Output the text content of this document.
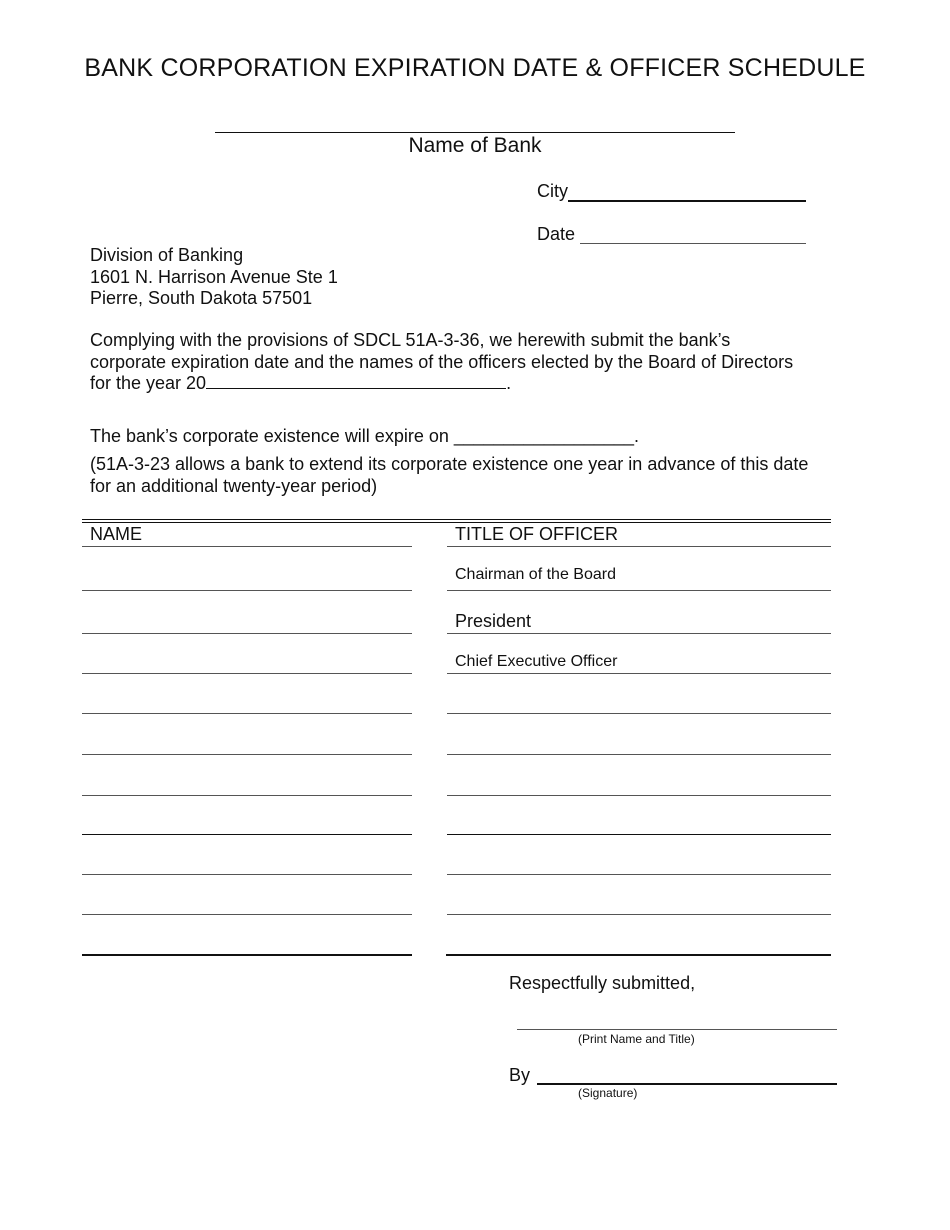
BANK CORPORATION EXPIRATION DATE & OFFICER SCHEDULE
Name of Bank
City
Date
Division of Banking
1601 N. Harrison Avenue Ste 1
Pierre, South Dakota 57501
Complying with the provisions of SDCL 51A-3-36, we herewith submit the bank’s corporate expiration date and the names of the officers elected by the Board of Directors for the year 20	.
The bank’s corporate existence will expire on __________________.
(51A-3-23 allows a bank to extend its corporate existence one year in advance of this date for an additional twenty-year period)
NAME	TITLE OF OFFICER
Chairman of the Board
President
Chief Executive Officer
Respectfully submitted,
(Print Name and Title)
By
(Signature)
